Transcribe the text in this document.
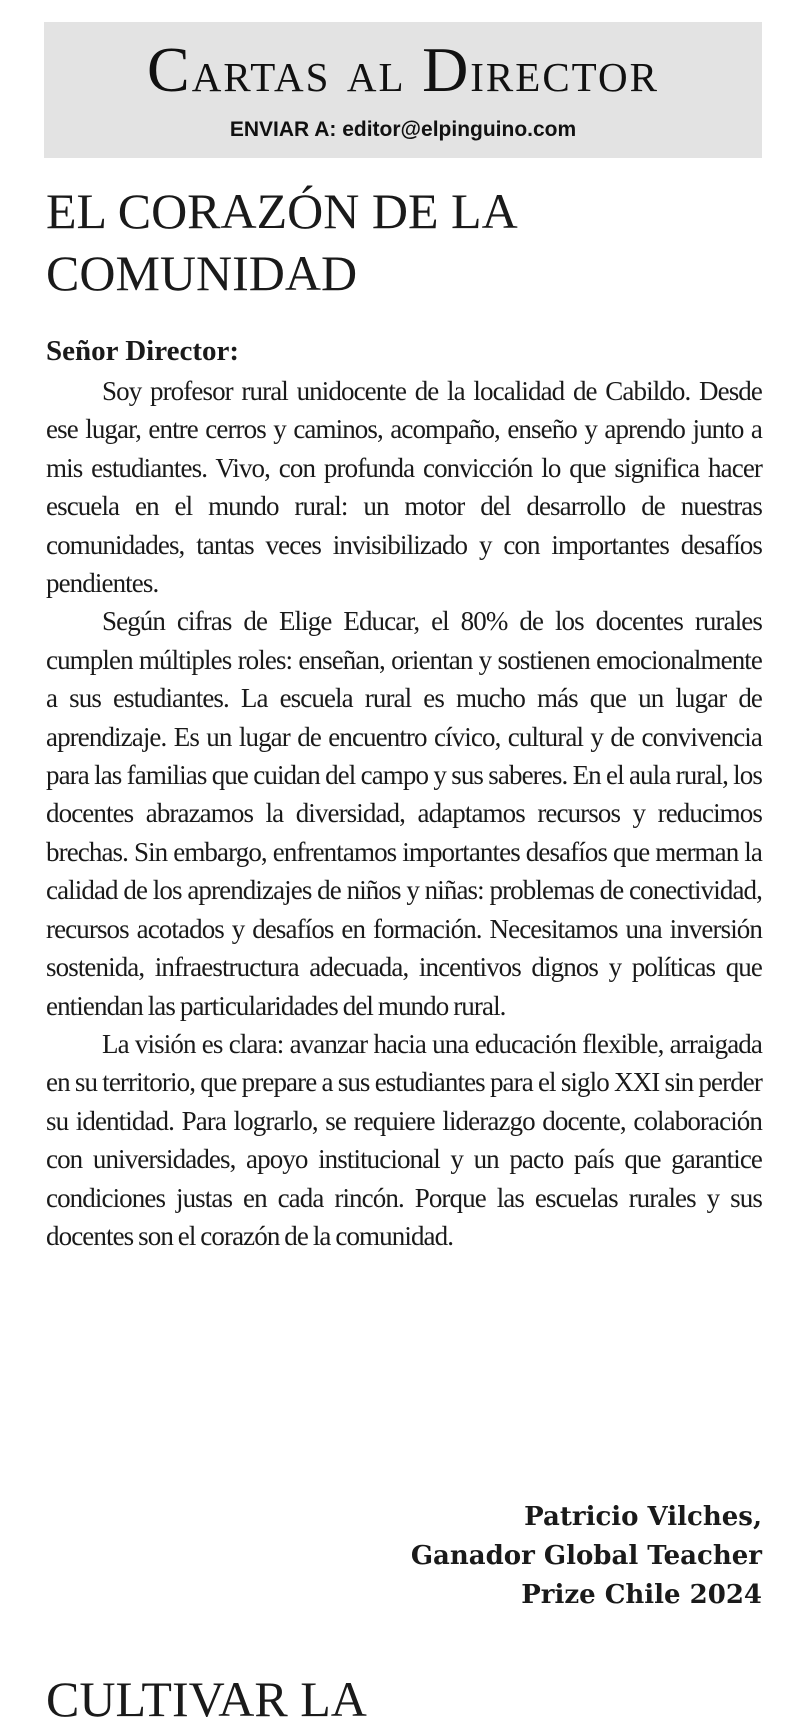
Cartas al Director
ENVIAR A: editor@elpinguino.com
EL CORAZÓN DE LA COMUNIDAD
Señor Director:

Soy profesor rural unidocente de la localidad de Cabildo. Desde ese lugar, entre cerros y caminos, acompaño, enseño y aprendo junto a mis estudiantes. Vivo, con profunda convicción lo que significa hacer escuela en el mundo rural: un motor del desarrollo de nuestras comunidades, tantas veces invisibilizado y con importantes desafíos pendientes.

Según cifras de Elige Educar, el 80% de los docentes rurales cumplen múltiples roles: enseñan, orientan y sostienen emocionalmente a sus estudiantes. La escuela rural es mucho más que un lugar de aprendizaje. Es un lugar de encuentro cívico, cultural y de convivencia para las familias que cuidan del campo y sus saberes. En el aula rural, los docentes abrazamos la diversidad, adaptamos recursos y reducimos brechas. Sin embargo, enfrentamos importantes desafíos que merman la calidad de los aprendizajes de niños y niñas: problemas de conectividad, recursos acotados y desafíos en formación. Necesitamos una inversión sostenida, infraestructura adecuada, incentivos dignos y políticas que entiendan las particularidades del mundo rural.

La visión es clara: avanzar hacia una educación flexible, arraigada en su territorio, que prepare a sus estudiantes para el siglo XXI sin perder su identidad. Para lograrlo, se requiere liderazgo docente, colaboración con universidades, apoyo institucional y un pacto país que garantice condiciones justas en cada rincón. Porque las escuelas rurales y sus docentes son el corazón de la comunidad.

Patricio Vilches,
Ganador Global Teacher
Prize Chile 2024
CULTIVAR LA
